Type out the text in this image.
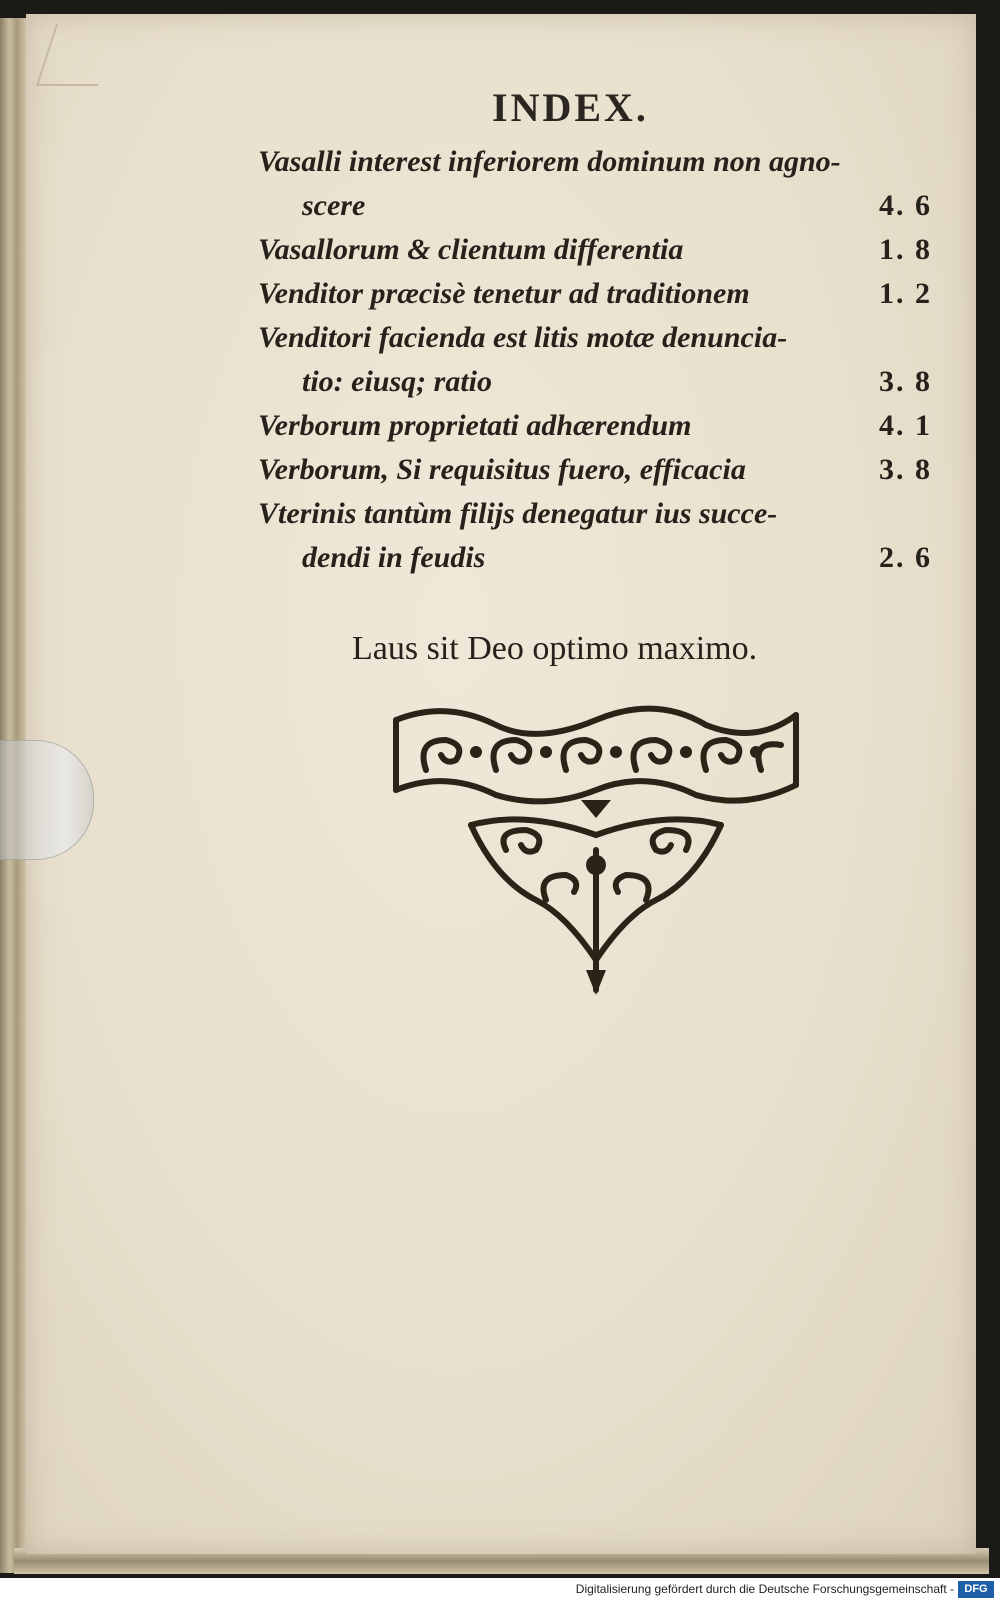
INDEX.
Vasalli interest inferiorem dominum non agno-
scere	4. 6
Vasallorum & clientum differentia	1. 8
Venditor præcisè tenetur ad traditionem	1. 2
Venditori facienda est litis motæ denuncia-
tio: eiusq; ratio	3. 8
Verborum proprietati adhærendum	4. 1
Verborum, Si requisitus fuero, efficacia	3. 8
Vterinis tantùm filijs denegatur ius succe-
dendi in feudis	2. 6
Laus sit Deo optimo maximo.
Digitalisierung gefördert durch die Deutsche Forschungsgemeinschaft - DFG
